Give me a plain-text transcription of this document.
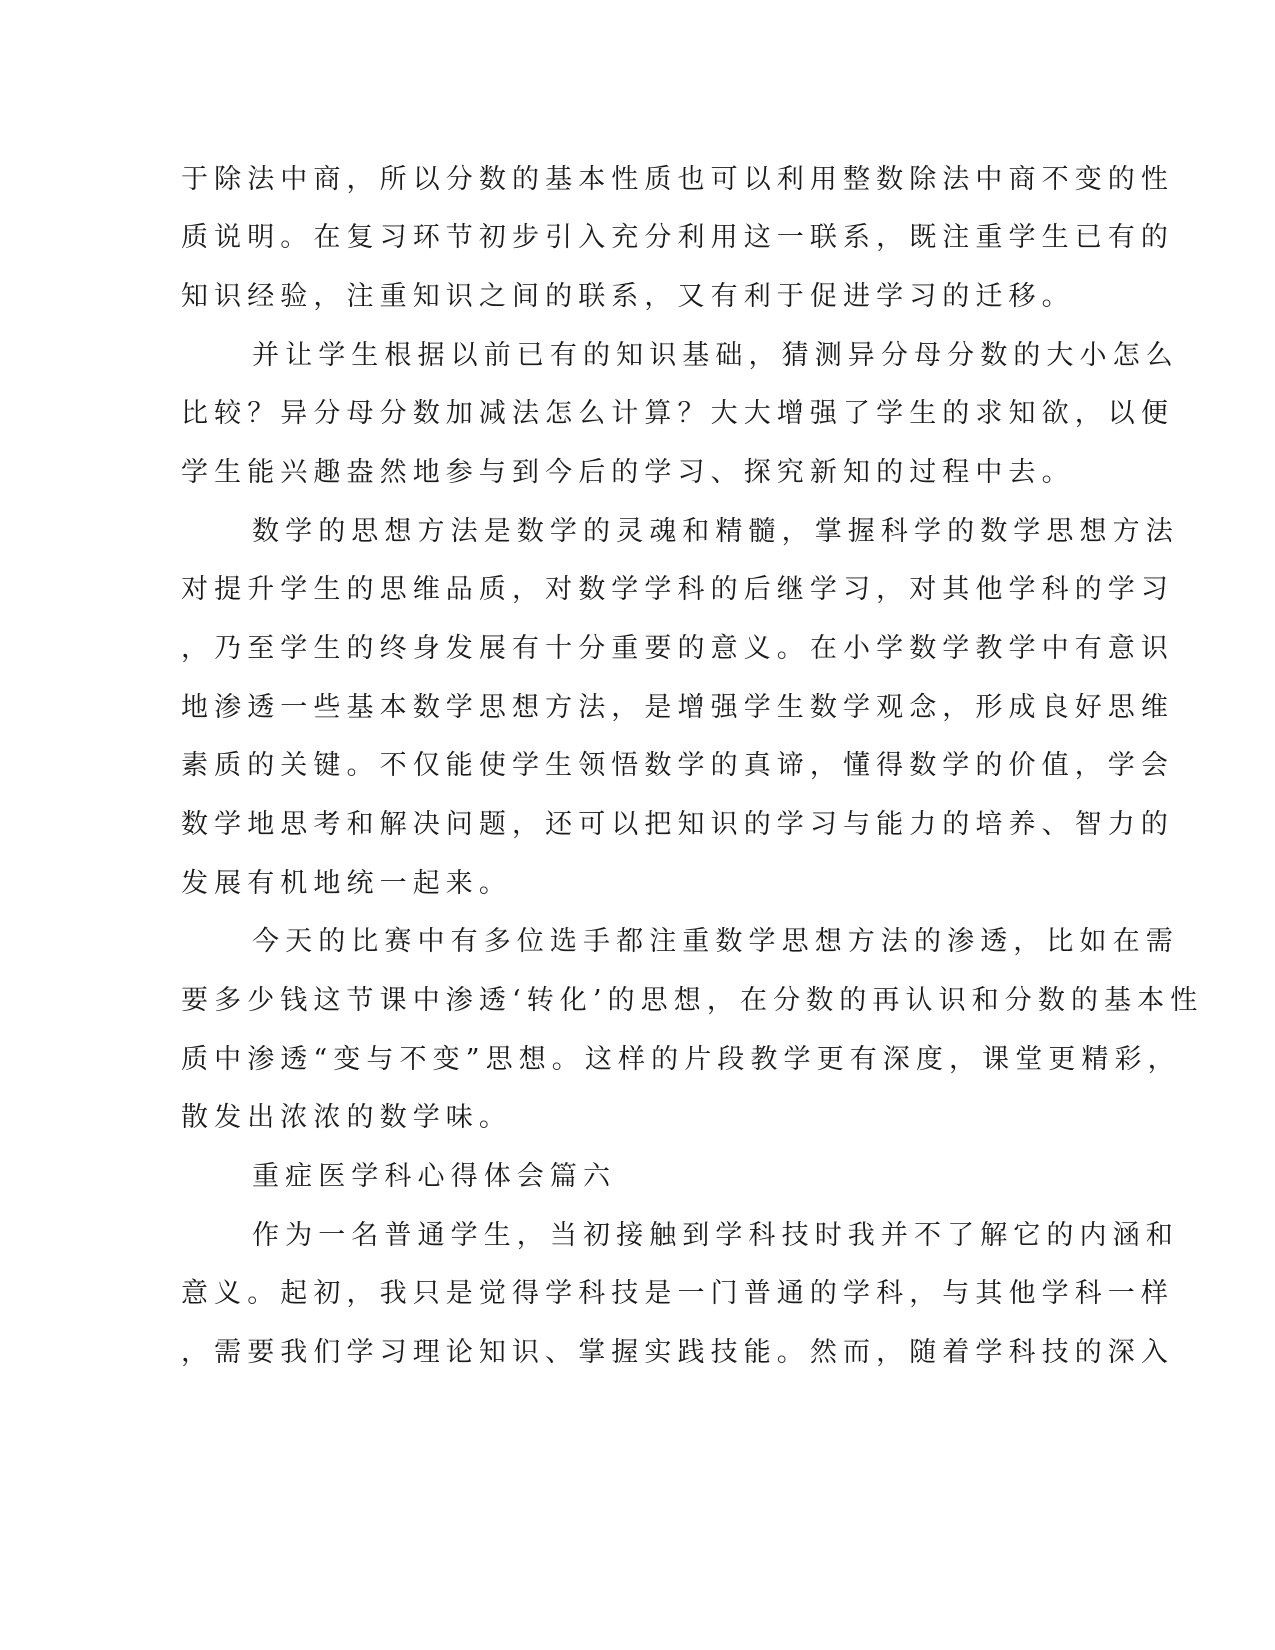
于除法中商，所以分数的基本性质也可以利用整数除法中商不变的性

质说明。在复习环节初步引入充分利用这一联系，既注重学生已有的

知识经验，注重知识之间的联系，又有利于促进学习的迁移。

并让学生根据以前已有的知识基础，猜测异分母分数的大小怎么

比较？异分母分数加减法怎么计算？大大增强了学生的求知欲，以便

学生能兴趣盎然地参与到今后的学习、探究新知的过程中去。

数学的思想方法是数学的灵魂和精髓，掌握科学的数学思想方法

对提升学生的思维品质，对数学学科的后继学习，对其他学科的学习

，乃至学生的终身发展有十分重要的意义。在小学数学教学中有意识

地渗透一些基本数学思想方法，是增强学生数学观念，形成良好思维

素质的关键。不仅能使学生领悟数学的真谛，懂得数学的价值，学会

数学地思考和解决问题，还可以把知识的学习与能力的培养、智力的

发展有机地统一起来。

今天的比赛中有多位选手都注重数学思想方法的渗透，比如在需

要多少钱这节课中渗透‘转化’的思想，在分数的再认识和分数的基本性

质中渗透“变与不变”思想。这样的片段教学更有深度，课堂更精彩，

散发出浓浓的数学味。

重症医学科心得体会篇六

作为一名普通学生，当初接触到学科技时我并不了解它的内涵和

意义。起初，我只是觉得学科技是一门普通的学科，与其他学科一样

，需要我们学习理论知识、掌握实践技能。然而，随着学科技的深入
